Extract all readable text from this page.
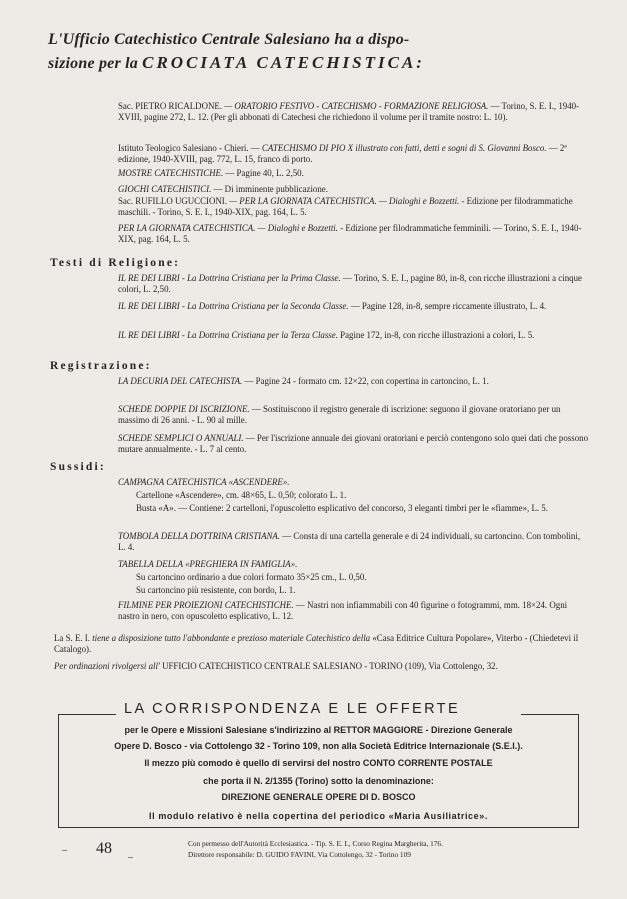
L'Ufficio Catechistico Centrale Salesiano ha a dispo-
sizione per la CROCIATA CATECHISTICA:
Sac. PIETRO RICALDONE. — ORATORIO FESTIVO - CATECHISMO - FORMAZIONE RELIGIOSA. — Torino, S. E. I., 1940-XVIII, pagine 272, L. 12. (Per gli abbonati di Catechesi che richiedono il volume per il tramite nostro: L. 10).
Istituto Teologico Salesiano - Chieri. — CATECHISMO DI PIO X illustrato con fatti, detti e sogni di S. Giovanni Bosco. — 2ª edizione, 1940-XVIII, pag. 772, L. 15, franco di porto.
MOSTRE CATECHISTICHE. — Pagine 40, L. 2,50.
GIOCHI CATECHISTICI. — Di imminente pubblicazione.
Sac. RUFILLO UGUCCIONI. — PER LA GIORNATA CATECHISTICA. — Dialoghi e Bozzetti. - Edizione per filodrammatiche maschili. - Torino, S. E. I., 1940-XIX, pag. 164, L. 5.
PER LA GIORNATA CATECHISTICA. — Dialoghi e Bozzetti. - Edizione per filodrammatiche femminili. — Torino, S. E. I., 1940-XIX, pag. 164, L. 5.
Testi di Religione:
IL RE DEI LIBRI - La Dottrina Cristiana per la Prima Classe. — Torino, S. E. I., pagine 80, in-8, con ricche illustrazioni a cinque colori, L. 2,50.
IL RE DEI LIBRI - La Dottrina Cristiana per la Seconda Classe. — Pagine 128, in-8, sempre riccamente illustrato, L. 4.
IL RE DEI LIBRI - La Dottrina Cristiana per la Terza Classe. Pagine 172, in-8, con ricche illustrazioni a colori, L. 5.
Registrazione:
LA DECURIA DEL CATECHISTA. — Pagine 24 - formato cm. 12×22, con copertina in cartoncino, L. 1.
SCHEDE DOPPIE DI ISCRIZIONE. — Sostituiscono il registro generale di iscrizione: seguono il giovane oratoriano per un massimo di 26 anni. - L. 90 al mille.
SCHEDE SEMPLICI O ANNUALI. — Per l'iscrizione annuale dei giovani oratoriani e perciò contengono solo quei dati che possono mutare annualmente. - L. 7 al cento.
Sussidi:
CAMPAGNA CATECHISTICA «ASCENDERE».
Cartellone «Ascendere», cm. 48×65, L. 0,50; colorato L. 1.
Busta «A». — Contiene: 2 cartelloni, l'opuscoletto esplicativo del concorso, 3 eleganti timbri per le «fiamme», L. 5.
TOMBOLA DELLA DOTTRINA CRISTIANA. — Consta di una cartella generale e di 24 individuali, su cartoncino. Con tombolini, L. 4.
TABELLA DELLA «PREGHIERA IN FAMIGLIA».
Su cartoncino ordinario a due colori formato 35×25 cm., L. 0,50.
Su cartoncino più resistente, con bordo, L. 1.
FILMINE PER PROIEZIONI CATECHISTICHE. — Nastri non infiammabili con 40 figurine o fotogrammi, mm. 18×24. Ogni nastro in nero, con opuscoletto esplicativo, L. 12.
La S. E. I. tiene a disposizione tutto l'abbondante e prezioso materiale Catechistico della «Casa Editrice Cultura Popolare», Viterbo - (Chiedetevi il Catalogo).
Per ordinazioni rivolgersi all' UFFICIO CATECHISTICO CENTRALE SALESIANO - TORINO (109), Via Cottolengo, 32.
LA CORRISPONDENZA E LE OFFERTE
per le Opere e Missioni Salesiane s'indirizzino al RETTOR MAGGIORE - Direzione Generale
Opere D. Bosco - via Cottolengo 32 - Torino 109, non alla Società Editrice Internazionale (S.E.I.).
Il mezzo più comodo è quello di servirsi del nostro CONTO CORRENTE POSTALE
che porta il N. 2/1355 (Torino) sotto la denominazione:
DIREZIONE GENERALE OPERE DI D. BOSCO
Il modulo relativo è nella copertina del periodico «Maria Ausiliatrice».
– 48
–
Con permesso dell'Autorità Ecclesiastica. - Tip. S. E. I., Corso Regina Margherita, 176.
Direttore responsabile: D. GUIDO FAVINI, Via Cottolengo, 32 - Torino 109
